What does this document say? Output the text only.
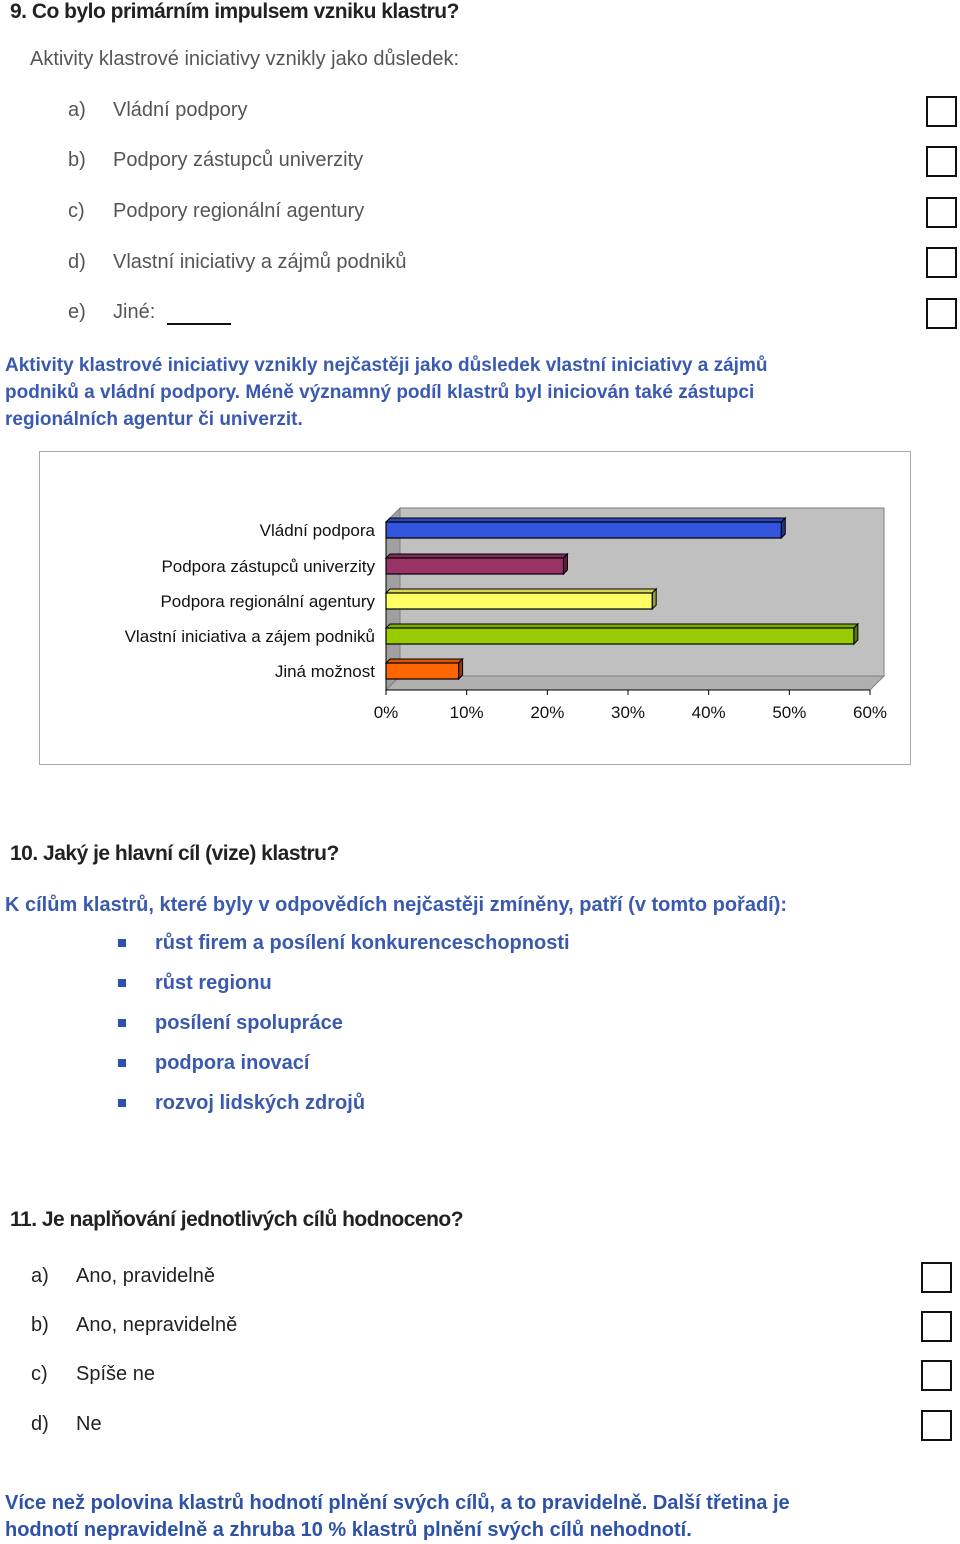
9. Co bylo primárním impulsem vzniku klastru?
Aktivity klastrové iniciativy vznikly jako důsledek:
a) Vládní podpory
b) Podpory zástupců univerzity
c) Podpory regionální agentury
d) Vlastní iniciativy a zájmů podniků
e) Jiné:
Aktivity klastrové iniciativy vznikly nejčastěji jako důsledek vlastní iniciativy a zájmů
podniků a vládní podpory. Méně významný podíl klastrů byl iniciován také zástupci
regionálních agentur či univerzit.
Vládní podpora
Podpora zástupců univerzity
Podpora regionální agentury
Vlastní iniciativa a zájem podniků
Jiná možnost
0%	10%	20%	30%	40%	50%	60%
10. Jaký je hlavní cíl (vize) klastru?
K cílům klastrů, které byly v odpovědích nejčastěji zmíněny, patří (v tomto pořadí):
růst firem a posílení konkurenceschopnosti
růst regionu
posílení spolupráce
podpora inovací
rozvoj lidských zdrojů
11. Je naplňování jednotlivých cílů hodnoceno?
a) Ano, pravidelně
b) Ano, nepravidelně
c) Spíše ne
d) Ne
Více než polovina klastrů hodnotí plnění svých cílů, a to pravidelně. Další třetina je
hodnotí nepravidelně a zhruba 10 % klastrů plnění svých cílů nehodnotí.
